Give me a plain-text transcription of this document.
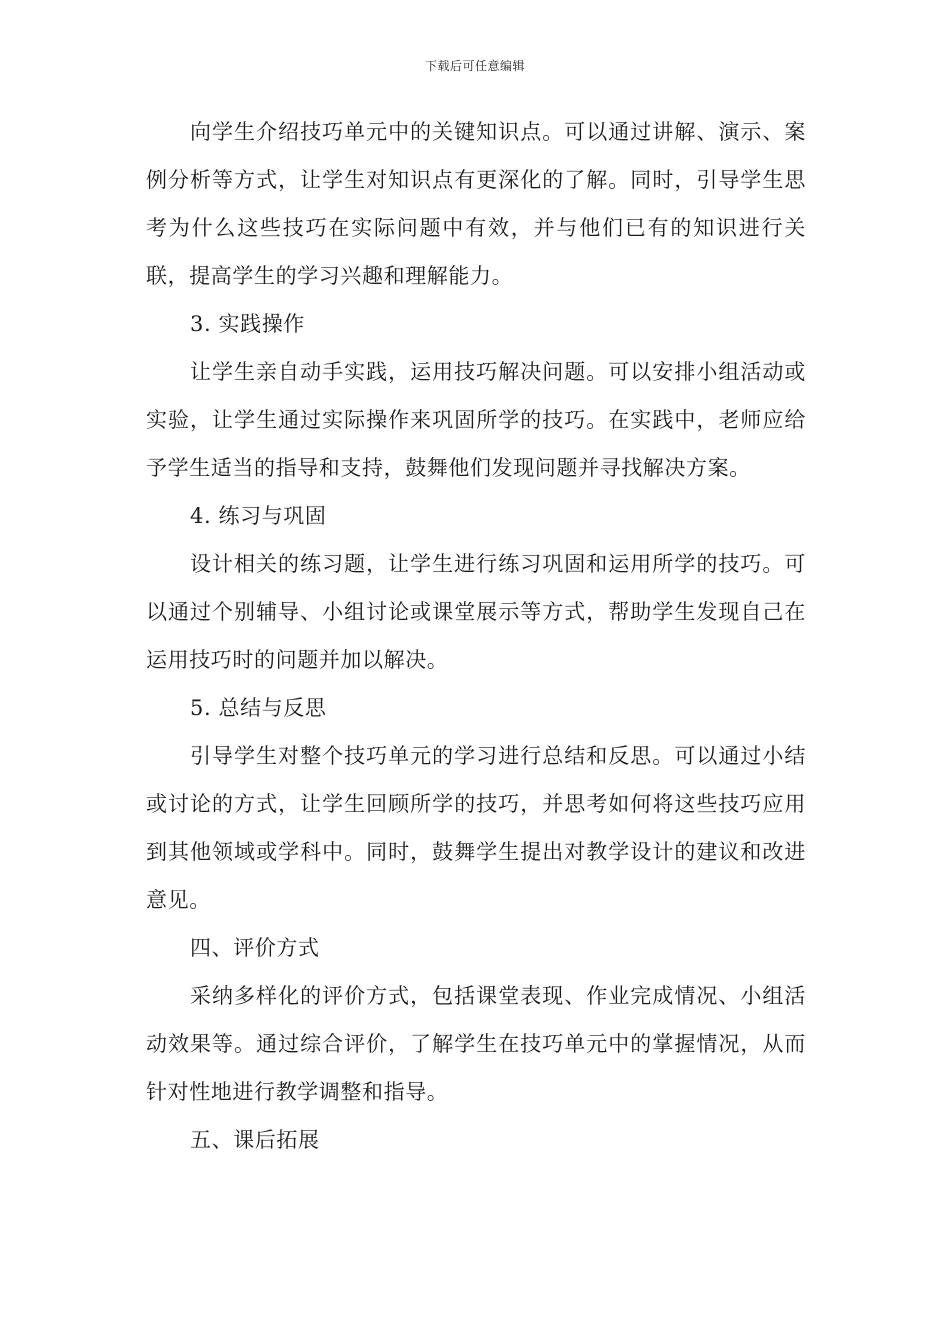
下载后可任意编辑

向学生介绍技巧单元中的关键知识点。可以通过讲解、演示、案例分析等方式，让学生对知识点有更深化的了解。同时，引导学生思考为什么这些技巧在实际问题中有效，并与他们已有的知识进行关联，提高学生的学习兴趣和理解能力。

3. 实践操作

让学生亲自动手实践，运用技巧解决问题。可以安排小组活动或实验，让学生通过实际操作来巩固所学的技巧。在实践中，老师应给予学生适当的指导和支持，鼓舞他们发现问题并寻找解决方案。

4. 练习与巩固

设计相关的练习题，让学生进行练习巩固和运用所学的技巧。可以通过个别辅导、小组讨论或课堂展示等方式，帮助学生发现自己在运用技巧时的问题并加以解决。

5. 总结与反思

引导学生对整个技巧单元的学习进行总结和反思。可以通过小结或讨论的方式，让学生回顾所学的技巧，并思考如何将这些技巧应用到其他领域或学科中。同时，鼓舞学生提出对教学设计的建议和改进意见。

四、评价方式

采纳多样化的评价方式，包括课堂表现、作业完成情况、小组活动效果等。通过综合评价，了解学生在技巧单元中的掌握情况，从而针对性地进行教学调整和指导。

五、课后拓展
